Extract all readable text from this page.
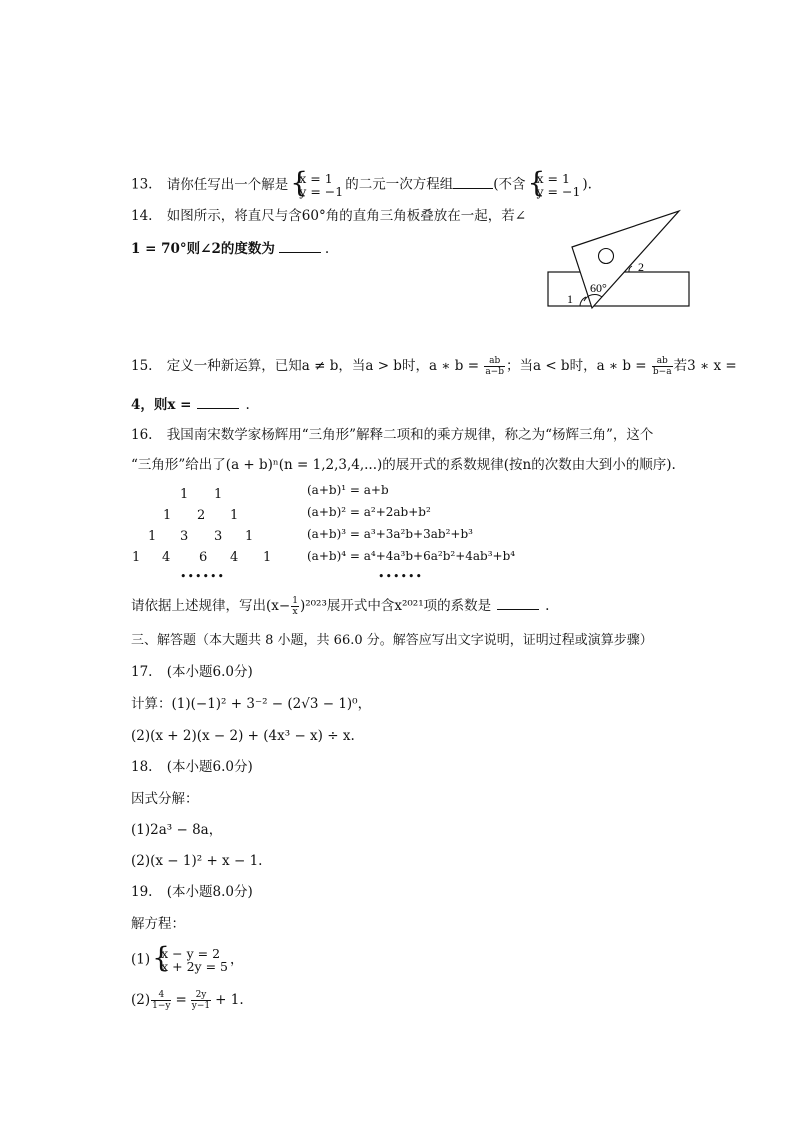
13. 请你任写出一个解是 {
x = 1
y = −1 的二元一次方程组	(不含 {
x = 1
y = −1 ).
14. 如图所示，将直尺与含60°角的直角三角板叠放在一起，若∠
1 = 70°则∠2的度数为	.
60°
1
2
15. 定义一种新运算，已知a ≠ b，当a > b时，a ∗ $b = \frac{ab}{a-b}$ ；当a < b时，a ∗ $b = \frac{ab}{b-a}$ 若3 ∗ x =
4，则x =	.
16. 我国南宋数学家杨辉用“三角形”解释二项和的乘方规律，称之为“杨辉三角”，这个
“三角形”给出了(a + b)ⁿ(n = 1,2,3,4,...)的展开式的系数规律(按n的次数由大到小的顺序).
1 1
1 2 1
1 3 3 1
1 4 6 4 1
••••••
(a+b)¹ = a+b
(a+b)² = a²+2ab+b²
(a+b)³ = a³+3a²b+3ab²+b³
(a+b)⁴ = a⁴+4a³b+6a²b²+4ab³+b⁴
••••••
请依据上述规律，写出$(x- \frac{1}{x} )^{2023}$展开式中含x²⁰²¹项的系数是	.
三、解答题（本大题共 8 小题，共 66.0 分。解答应写出文字说明，证明过程或演算步骤）
17. (本小题6.0分)
计算：(1)(−1)² + 3⁻² − (2√3 − 1)⁰，
(2)(x + 2)(x − 2) + (4x³ − x) ÷ x.
18. (本小题6.0分)
因式分解：
(1)2a³ − 8a，
(2)(x − 1)² + x − 1.
19. (本小题8.0分)
解方程：
(1) {
x − y = 2
x + 2y = 5 ，
$(2) \frac{4}{1-y} = \frac{2y}{y-1} + 1$.
